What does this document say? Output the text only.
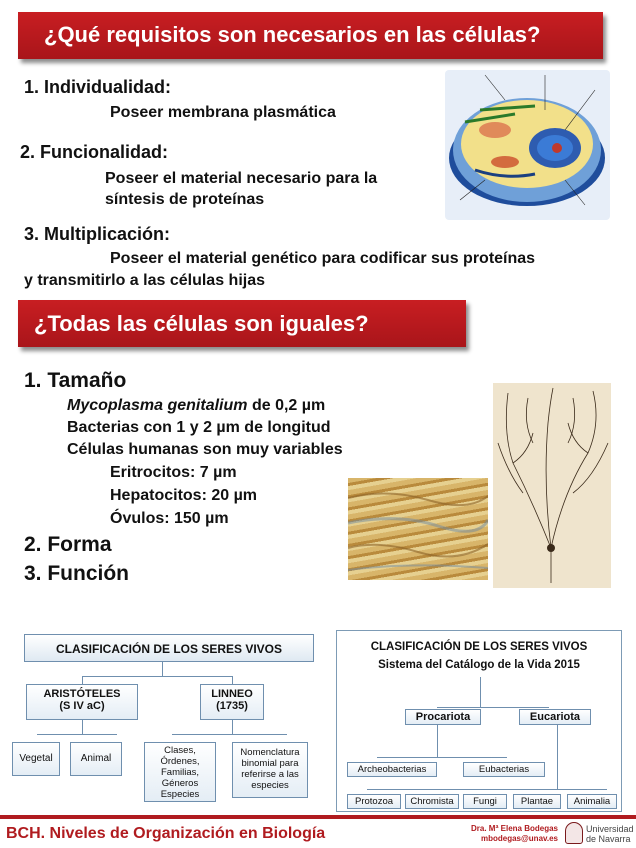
¿Qué requisitos son necesarios en las células?
1. Individualidad:
Poseer membrana plasmática
2. Funcionalidad:
Poseer el material necesario para la
síntesis de proteínas
3. Multiplicación:
Poseer el material genético para codificar sus proteínas
y transmitirlo a las células hijas
¿Todas las células son iguales?
1. Tamaño
Mycoplasma genitalium de 0,2 µm
Bacterias con 1 y 2 µm de longitud
Células humanas son muy variables
Eritrocitos: 7 µm
Hepatocitos: 20 µm
Óvulos: 150 µm
2. Forma
3. Función
CLASIFICACIÓN DE LOS SERES VIVOS
ARISTÓTELES
(S IV aC)
LINNEO
(1735)
Vegetal	Animal
Clases,
Órdenes,
Familias,
Géneros
Especies
Nomenclatura
binomial para
referirse a las
especies
CLASIFICACIÓN DE LOS SERES VIVOS
Sistema del Catálogo de la Vida 2015
Procariota	Eucariota
Archeobacterias	Eubacterias
Protozoa	Chromista	Fungi	Plantae	Animalia
BCH. Niveles de Organización en Biología	Dra. Mª Elena Bodegas
mbodegas@unav.es
Universidad
de Navarra
